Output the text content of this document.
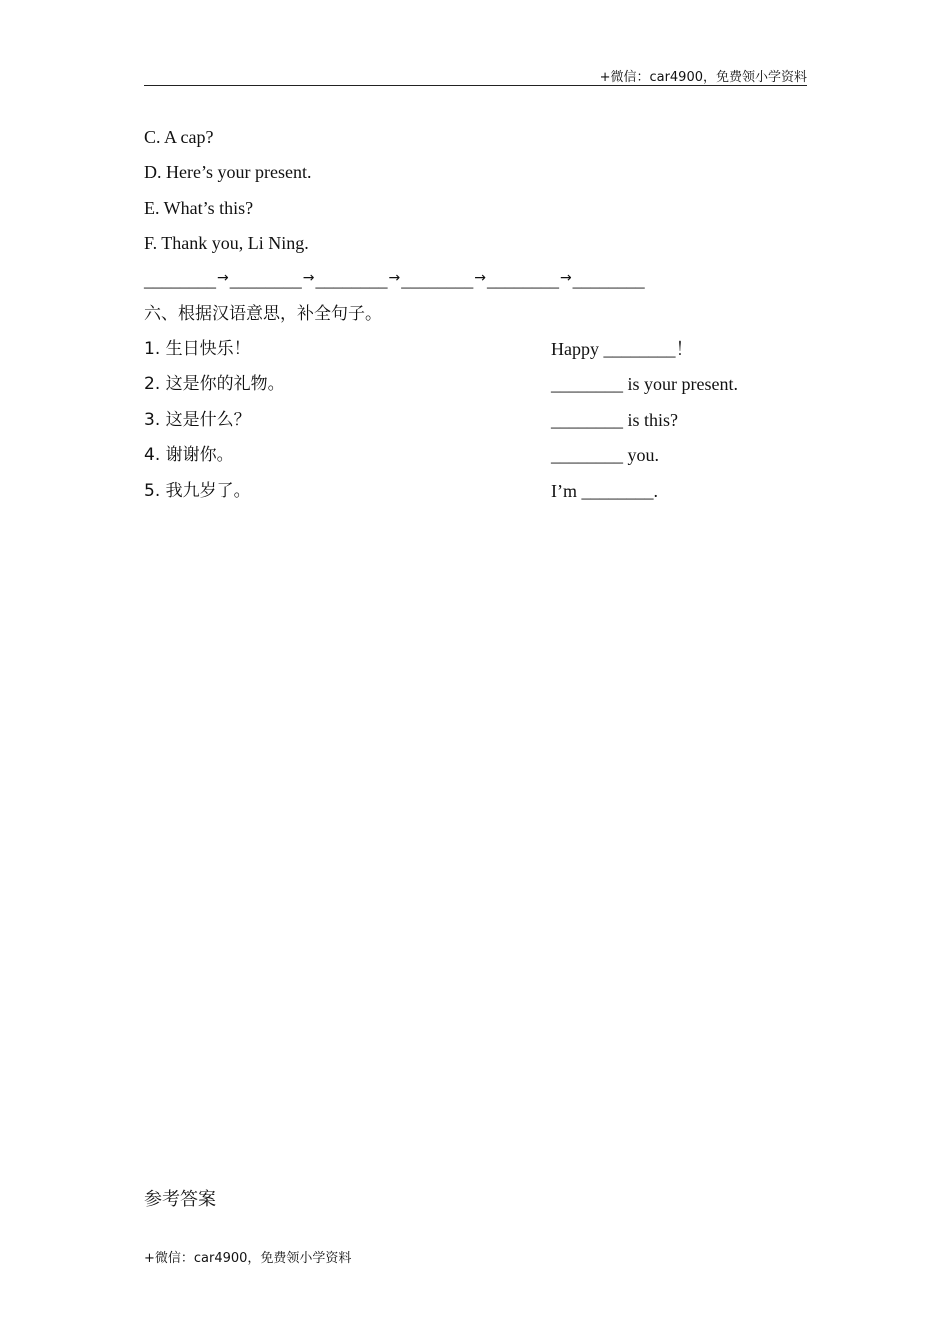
+微信：car4900，免费领小学资料
C. A cap?
D. Here’s your present.
E. What’s this?
F. Thank you, Li Ning.
________ → ________ → ________ → ________ → ________ → ________
六、根据汉语意思，补全句子。
1. 生日快乐！	Happy ________！
2. 这是你的礼物。	________ is your present.
3. 这是什么？	________ is this?
4. 谢谢你。	________ you.
5. 我九岁了。	I’m ________.
参考答案
+微信：car4900，免费领小学资料
